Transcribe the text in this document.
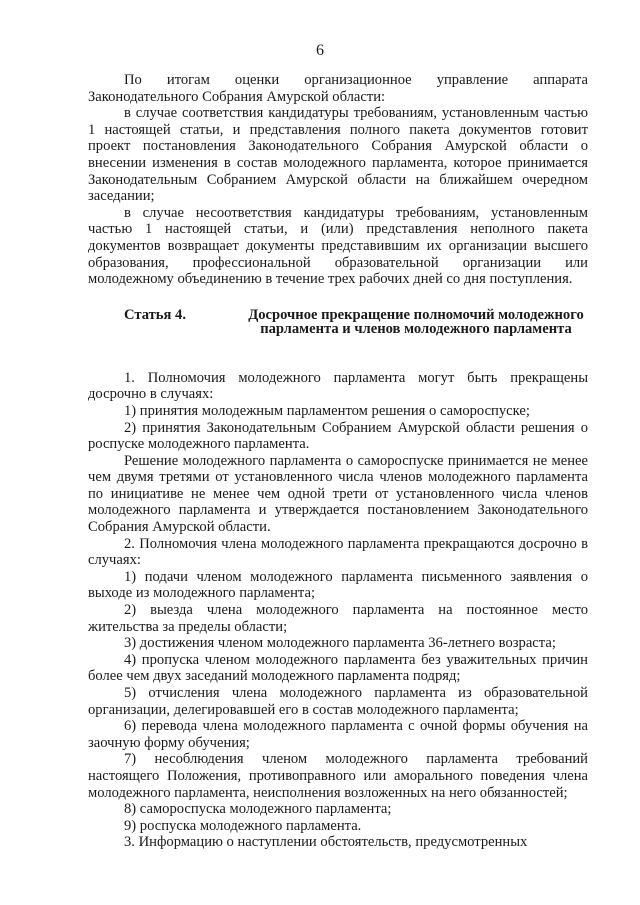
6

По итогам оценки организационное управление аппарата Законодательного Собрания Амурской области:

в случае соответствия кандидатуры требованиям, установленным частью 1 настоящей статьи, и представления полного пакета документов готовит проект постановления Законодательного Собрания Амурской области о внесении изменения в состав молодежного парламента, которое принимается Законодательным Собранием Амурской области на ближайшем очередном заседании;

в случае несоответствия кандидатуры требованиям, установленным частью 1 настоящей статьи, и (или) представления неполного пакета документов возвращает документы представившим их организации высшего образования, профессиональной образовательной организации или молодежному объединению в течение трех рабочих дней со дня поступления.

Статья 4.	Досрочное прекращение полномочий молодежного парламента и членов молодежного парламента

1. Полномочия молодежного парламента могут быть прекращены досрочно в случаях:

1) принятия молодежным парламентом решения о самороспуске;

2) принятия Законодательным Собранием Амурской области решения о роспуске молодежного парламента.

Решение молодежного парламента о самороспуске принимается не менее чем двумя третями от установленного числа членов молодежного парламента по инициативе не менее чем одной трети от установленного числа членов молодежного парламента и утверждается постановлением Законодательного Собрания Амурской области.

2. Полномочия члена молодежного парламента прекращаются досрочно в случаях:

1) подачи членом молодежного парламента письменного заявления о выходе из молодежного парламента;

2) выезда члена молодежного парламента на постоянное место жительства за пределы области;

3) достижения членом молодежного парламента 36-летнего возраста;

4) пропуска членом молодежного парламента без уважительных причин более чем двух заседаний молодежного парламента подряд;

5) отчисления члена молодежного парламента из образовательной организации, делегировавшей его в состав молодежного парламента;

6) перевода члена молодежного парламента с очной формы обучения на заочную форму обучения;

7) несоблюдения членом молодежного парламента требований настоящего Положения, противоправного или аморального поведения члена молодежного парламента, неисполнения возложенных на него обязанностей;

8) самороспуска молодежного парламента;

9) роспуска молодежного парламента.

3. Информацию о наступлении обстоятельств, предусмотренных
